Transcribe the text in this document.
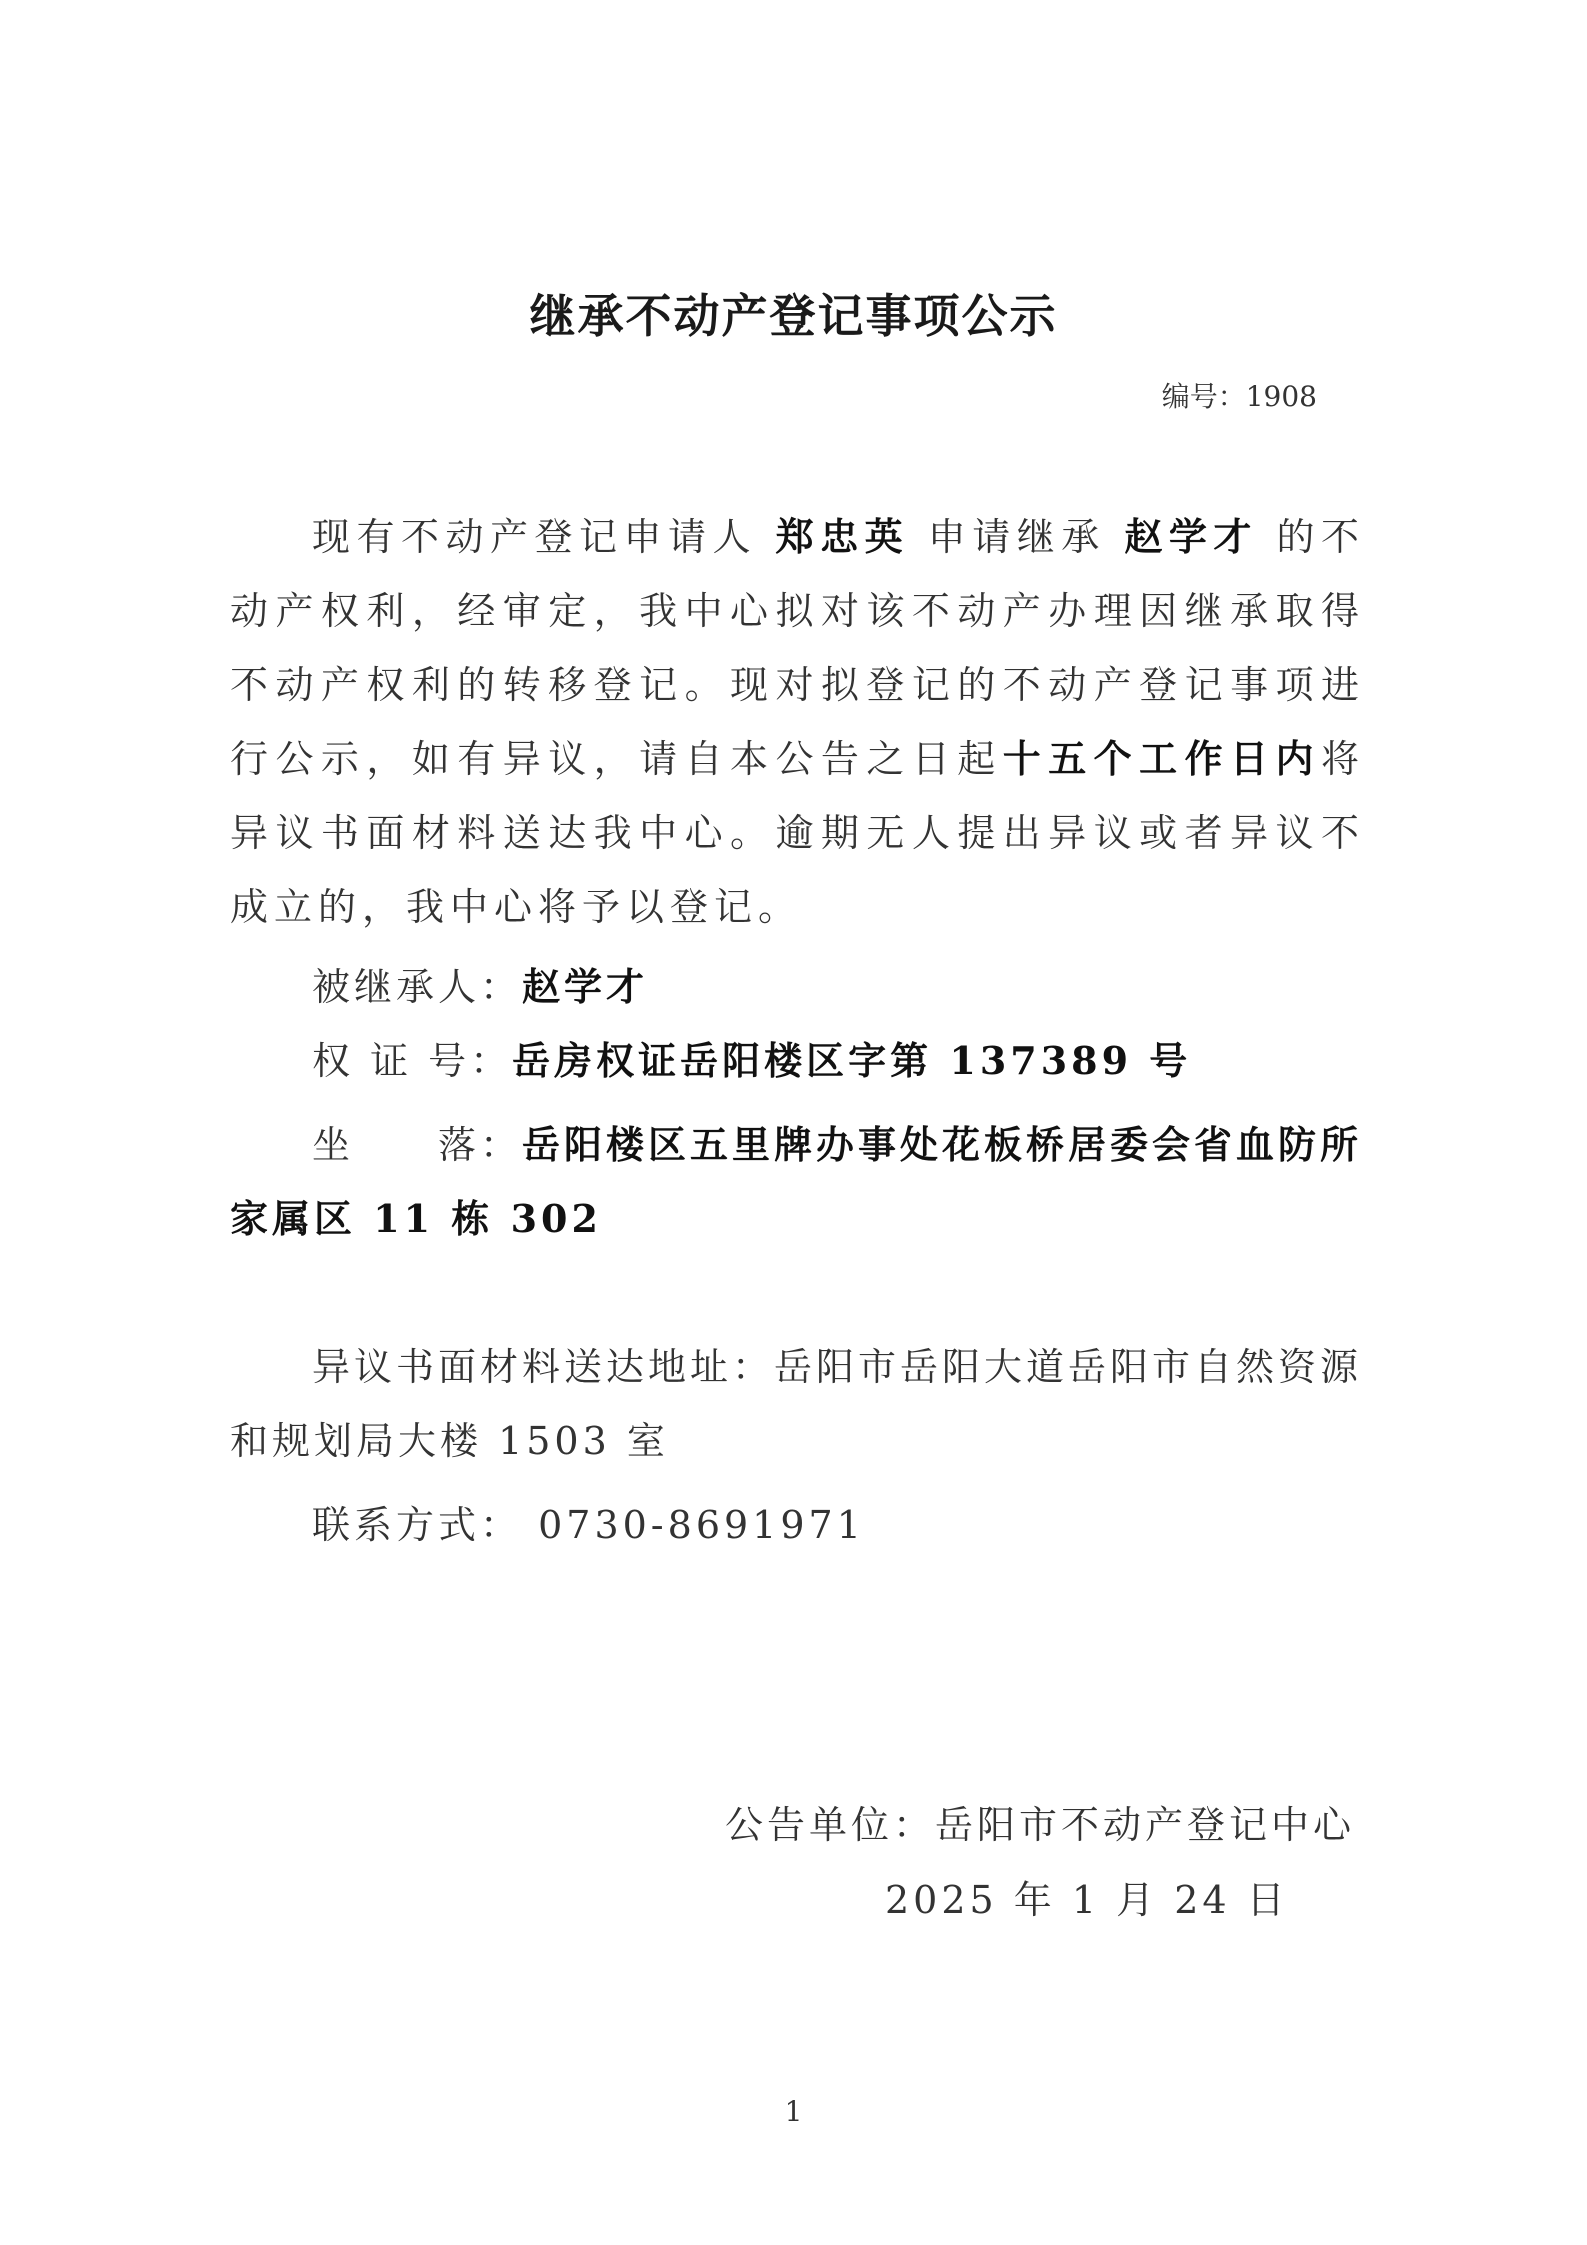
继承不动产登记事项公示
编号：1908
现有不动产登记申请人 郑忠英 申请继承 赵学才 的不动产权利，经审定，我中心拟对该不动产办理因继承取得不动产权利的转移登记。现对拟登记的不动产登记事项进行公示，如有异议，请自本公告之日起十五个工作日内将异议书面材料送达我中心。逾期无人提出异议或者异议不成立的，我中心将予以登记。
被继承人：赵学才
权 证 号：岳房权证岳阳楼区字第 137389 号
坐　　落：岳阳楼区五里牌办事处花板桥居委会省血防所家属区 11 栋 302
异议书面材料送达地址：岳阳市岳阳大道岳阳市自然资源和规划局大楼 1503 室
联系方式： 0730-8691971
公告单位：岳阳市不动产登记中心
2025 年 1 月 24 日
1
